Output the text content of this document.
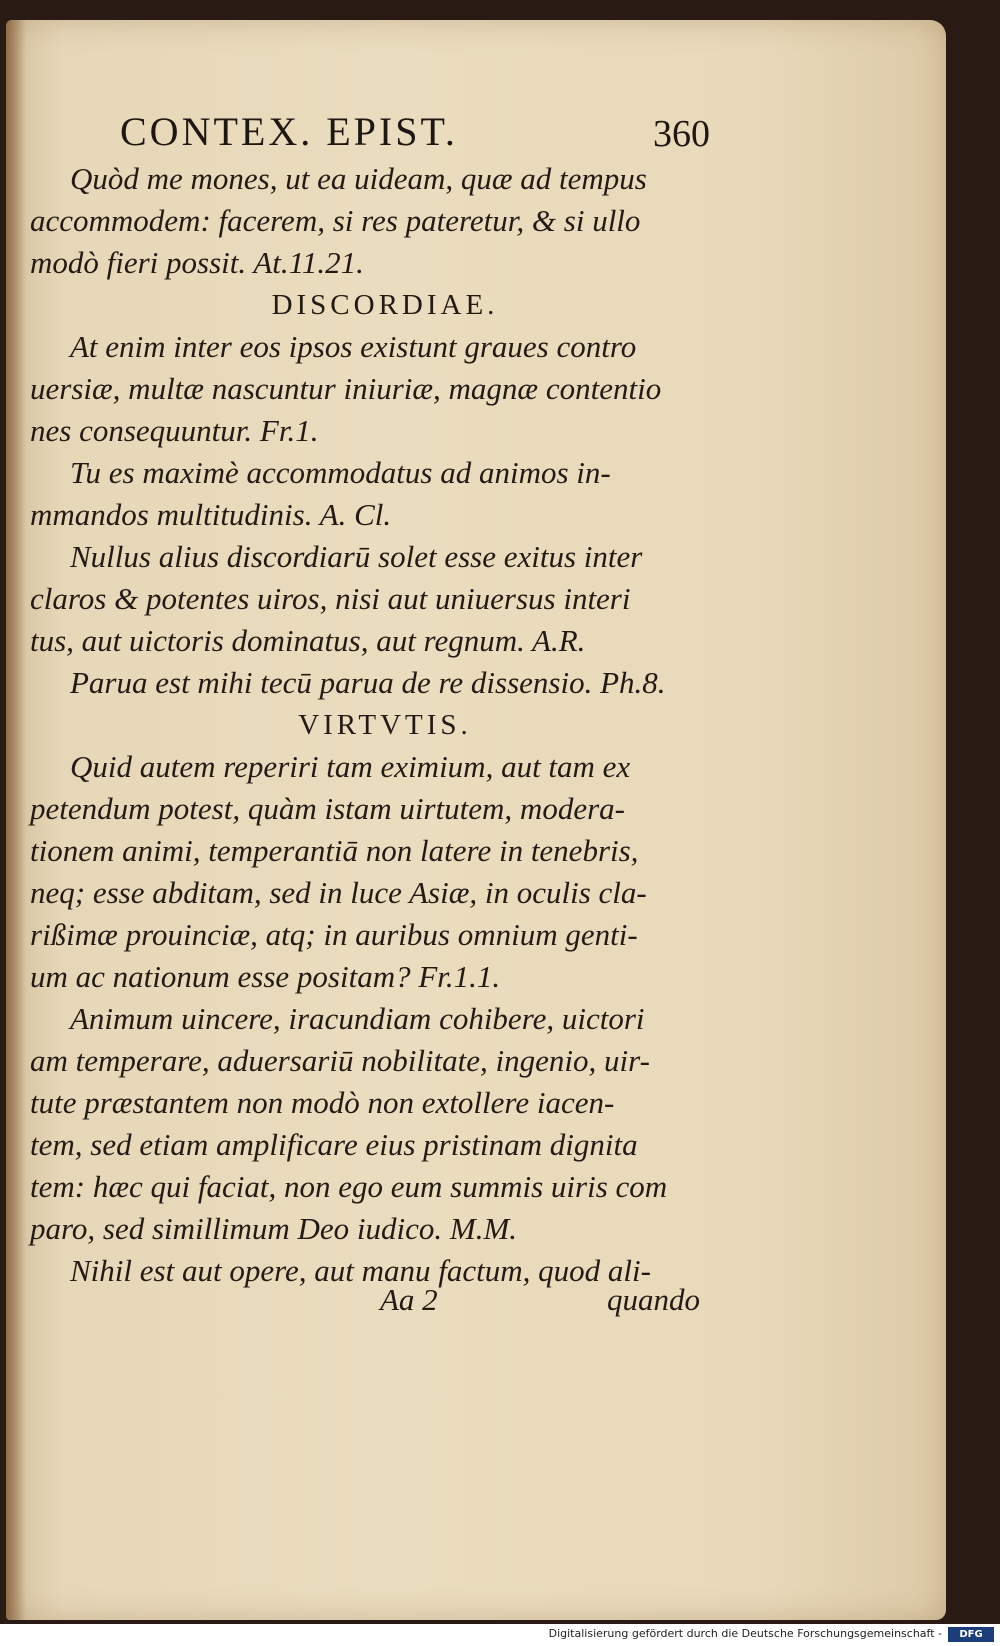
CONTEX. EPIST.	360
Quòd me mones, ut ea uideam, quæ ad tempus
accommodem: facerem, si res pateretur, & si ullo
modò fieri possit. At.11.21.
DISCORDIAE.
At enim inter eos ipsos existunt graues contro
uersiæ, multæ nascuntur iniuriæ, magnæ contentio
nes consequuntur. Fr.1.
Tu es maximè accommodatus ad animos in-
mmandos multitudinis. A. Cl.
Nullus alius discordiarū solet esse exitus inter
claros & potentes uiros, nisi aut uniuersus interi
tus, aut uictoris dominatus, aut regnum. A.R.
Parua est mihi tecū parua de re dissensio. Ph.8.
VIRTVTIS.
Quid autem reperiri tam eximium, aut tam ex
petendum potest, quàm istam uirtutem, modera-
tionem animi, temperantiā non latere in tenebris,
neq; esse abditam, sed in luce Asiæ, in oculis cla-
rißimæ prouinciæ, atq; in auribus omnium genti-
um ac nationum esse positam? Fr.1.1.
Animum uincere, iracundiam cohibere, uictori
am temperare, aduersariū nobilitate, ingenio, uir-
tute præstantem non modò non extollere iacen-
tem, sed etiam amplificare eius pristinam dignita
tem: hæc qui faciat, non ego eum summis uiris com
paro, sed simillimum Deo iudico. M.M.
Nihil est aut opere, aut manu factum, quod ali-
Aa 2	quando
Digitalisierung gefördert durch die Deutsche Forschungsgemeinschaft -	DFG
